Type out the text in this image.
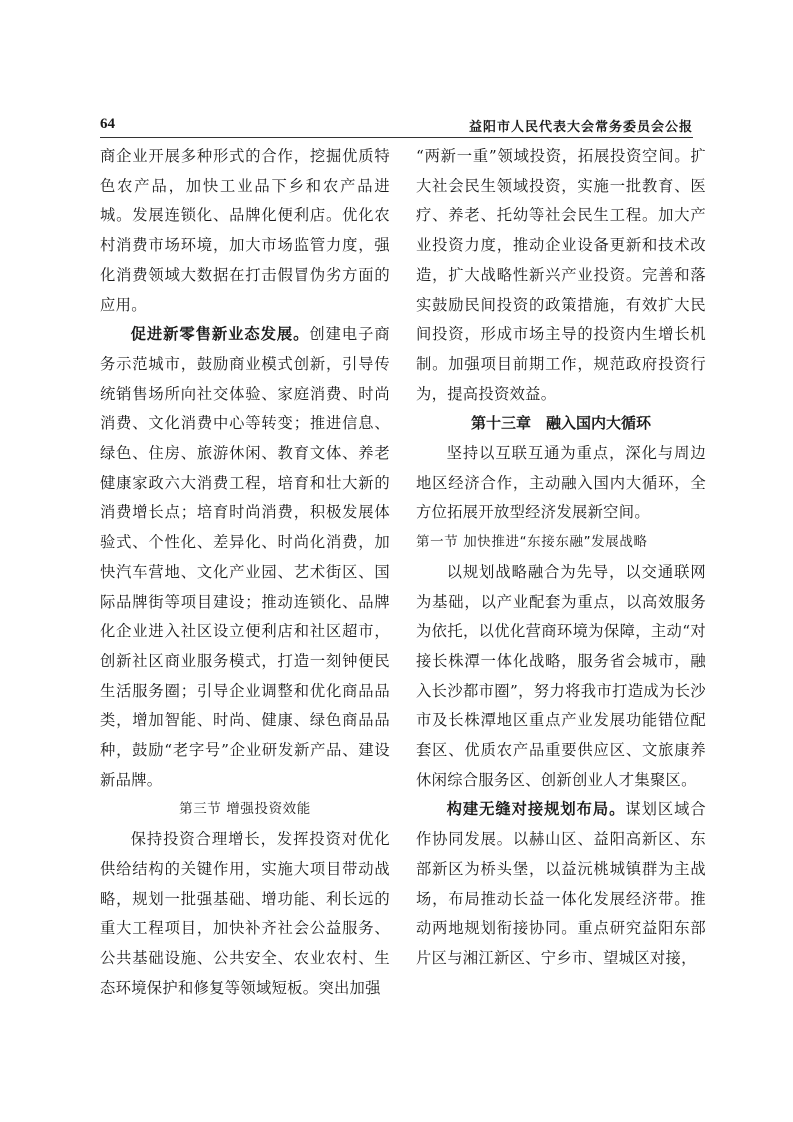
64	益阳市人民代表大会常务委员会公报

商企业开展多种形式的合作，挖掘优质特色农产品，加快工业品下乡和农产品进城。发展连锁化、品牌化便利店。优化农村消费市场环境，加大市场监管力度，强化消费领域大数据在打击假冒伪劣方面的应用。

促进新零售新业态发展。创建电子商务示范城市，鼓励商业模式创新，引导传统销售场所向社交体验、家庭消费、时尚消费、文化消费中心等转变；推进信息、绿色、住房、旅游休闲、教育文体、养老健康家政六大消费工程，培育和壮大新的消费增长点；培育时尚消费，积极发展体验式、个性化、差异化、时尚化消费，加快汽车营地、文化产业园、艺术街区、国际品牌街等项目建设；推动连锁化、品牌化企业进入社区设立便利店和社区超市，创新社区商业服务模式，打造一刻钟便民生活服务圈；引导企业调整和优化商品品类，增加智能、时尚、健康、绿色商品品种，鼓励“老字号”企业研发新产品、建设新品牌。

第三节 增强投资效能

保持投资合理增长，发挥投资对优化供给结构的关键作用，实施大项目带动战略，规划一批强基础、增功能、利长远的重大工程项目，加快补齐社会公益服务、公共基础设施、公共安全、农业农村、生态环境保护和修复等领域短板。突出加强

“两新一重”领域投资，拓展投资空间。扩大社会民生领域投资，实施一批教育、医疗、养老、托幼等社会民生工程。加大产业投资力度，推动企业设备更新和技术改造，扩大战略性新兴产业投资。完善和落实鼓励民间投资的政策措施，有效扩大民间投资，形成市场主导的投资内生增长机制。加强项目前期工作，规范政府投资行为，提高投资效益。

第十三章　融入国内大循环

坚持以互联互通为重点，深化与周边地区经济合作，主动融入国内大循环，全方位拓展开放型经济发展新空间。

第一节 加快推进“东接东融”发展战略

以规划战略融合为先导，以交通联网为基础，以产业配套为重点，以高效服务为依托，以优化营商环境为保障，主动“对接长株潭一体化战略，服务省会城市，融入长沙都市圈”，努力将我市打造成为长沙市及长株潭地区重点产业发展功能错位配套区、优质农产品重要供应区、文旅康养休闲综合服务区、创新创业人才集聚区。

构建无缝对接规划布局。谋划区域合作协同发展。以赫山区、益阳高新区、东部新区为桥头堡，以益沅桃城镇群为主战场，布局推动长益一体化发展经济带。推动两地规划衔接协同。重点研究益阳东部片区与湘江新区、宁乡市、望城区对接，
